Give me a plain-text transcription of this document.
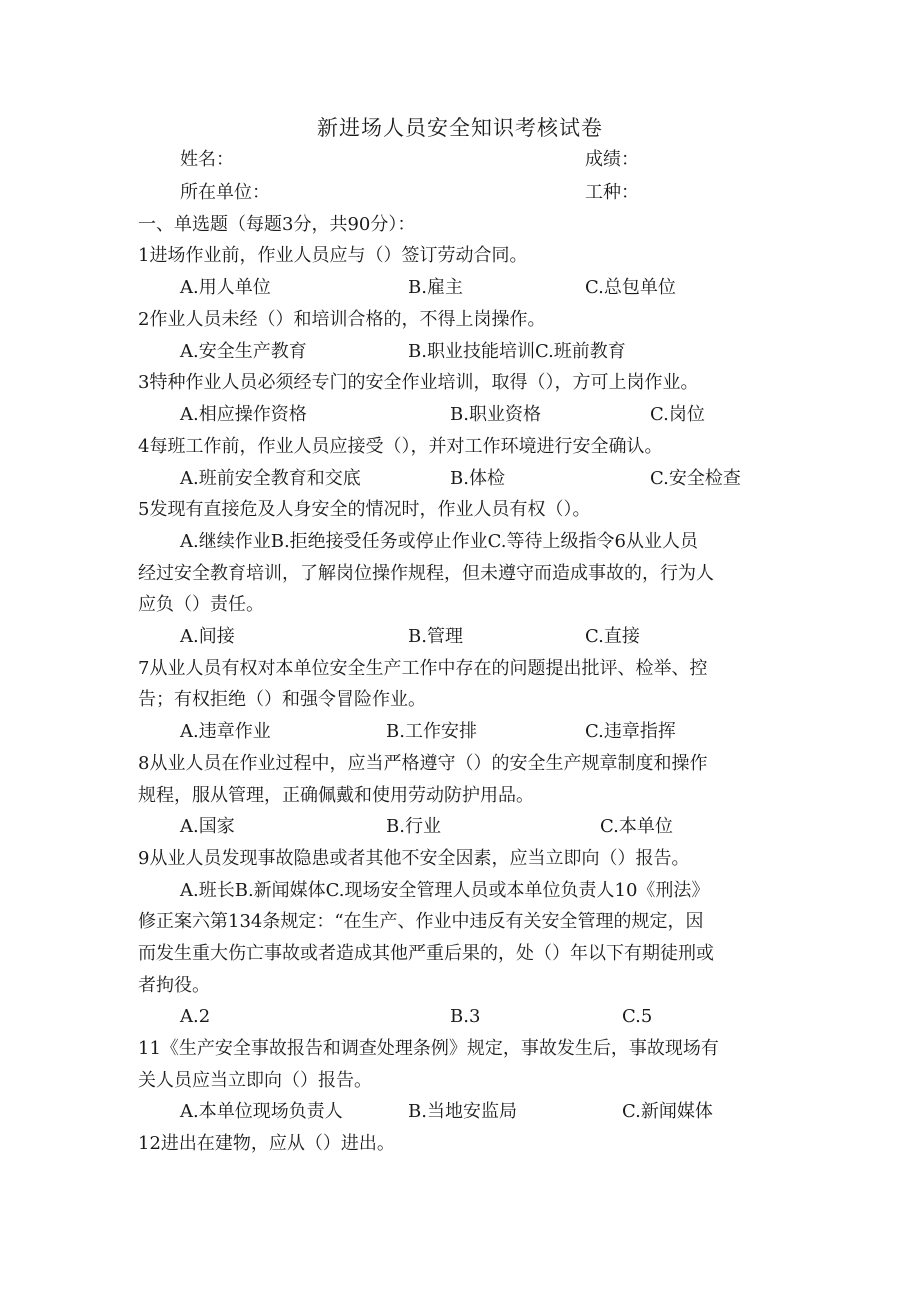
新进场人员安全知识考核试卷
姓名：	成绩：
所在单位：	工种：
一、单选题（每题3分，共90分）：
1进场作业前，作业人员应与（）签订劳动合同。
A.用人单位	B.雇主	C.总包单位
2作业人员未经（）和培训合格的，不得上岗操作。
A.安全生产教育	B.职业技能培训C.班前教育
3特种作业人员必须经专门的安全作业培训，取得（），方可上岗作业。
A.相应操作资格	B.职业资格	C.岗位
4每班工作前，作业人员应接受（），并对工作环境进行安全确认。
A.班前安全教育和交底	B.体检	C.安全检查
5发现有直接危及人身安全的情况时，作业人员有权（）。
A.继续作业B.拒绝接受任务或停止作业C.等待上级指令6从业人员
经过安全教育培训，了解岗位操作规程，但未遵守而造成事故的，行为人
应负（）责任。
A.间接	B.管理	C.直接
7从业人员有权对本单位安全生产工作中存在的问题提出批评、检举、控
告；有权拒绝（）和强令冒险作业。
A.违章作业	B.工作安排	C.违章指挥
8从业人员在作业过程中，应当严格遵守（）的安全生产规章制度和操作
规程，服从管理，正确佩戴和使用劳动防护用品。
A.国家	B.行业	C.本单位
9从业人员发现事故隐患或者其他不安全因素，应当立即向（）报告。
A.班长B.新闻媒体C.现场安全管理人员或本单位负责人10《刑法》
修正案六第134条规定：“在生产、作业中违反有关安全管理的规定，因
而发生重大伤亡事故或者造成其他严重后果的，处（）年以下有期徒刑或
者拘役。
A.2	B.3	C.5
11《生产安全事故报告和调查处理条例》规定，事故发生后，事故现场有
关人员应当立即向（）报告。
A.本单位现场负责人	B.当地安监局	C.新闻媒体
12进出在建物，应从（）进出。
